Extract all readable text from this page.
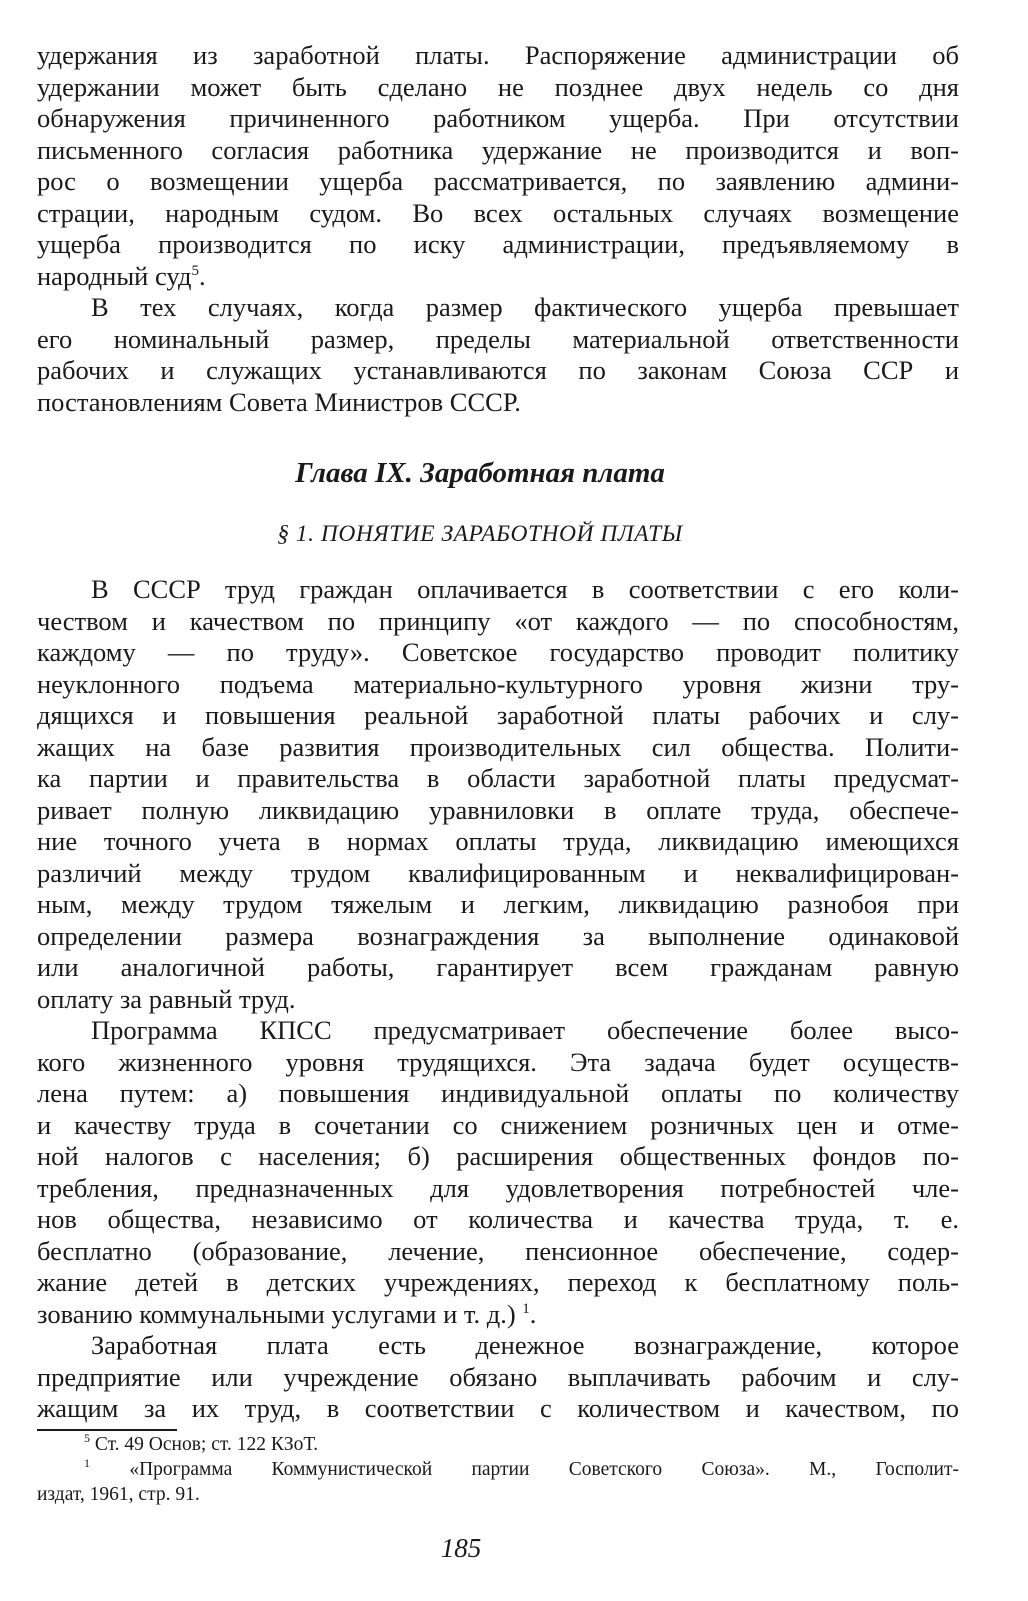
удержания из заработной платы. Распоряжение администрации об
удержании может быть сделано не позднее двух недель со дня
обнаружения причиненного работником ущерба. При отсутствии
письменного согласия работника удержание не производится и воп-
рос о возмещении ущерба рассматривается, по заявлению админи-
страции, народным судом. Во всех остальных случаях возмещение
ущерба производится по иску администрации, предъявляемому в
народный суд$^5$.
В тех случаях, когда размер фактического ущерба превышает
его номинальный размер, пределы материальной ответственности
рабочих и служащих устанавливаются по законам Союза ССР и
постановлениям Совета Министров СССР.
Глава IX. Заработная плата
§ 1. ПОНЯТИЕ ЗАРАБОТНОЙ ПЛАТЫ
В СССР труд граждан оплачивается в соответствии с его коли-
чеством и качеством по принципу «от каждого — по способностям,
каждому — по труду». Советское государство проводит политику
неуклонного подъема материально-культурного уровня жизни тру-
дящихся и повышения реальной заработной платы рабочих и слу-
жащих на базе развития производительных сил общества. Полити-
ка партии и правительства в области заработной платы предусмат-
ривает полную ликвидацию уравниловки в оплате труда, обеспече-
ние точного учета в нормах оплаты труда, ликвидацию имеющихся
различий между трудом квалифицированным и неквалифицирован-
ным, между трудом тяжелым и легким, ликвидацию разнобоя при
определении размера вознаграждения за выполнение одинаковой
или аналогичной работы, гарантирует всем гражданам равную
оплату за равный труд.
Программа КПСС предусматривает обеспечение более высо-
кого жизненного уровня трудящихся. Эта задача будет осуществ-
лена путем: а) повышения индивидуальной оплаты по количеству
и качеству труда в сочетании со снижением розничных цен и отме-
ной налогов с населения; б) расширения общественных фондов по-
требления, предназначенных для удовлетворения потребностей чле-
нов общества, независимо от количества и качества труда, т. е.
бесплатно (образование, лечение, пенсионное обеспечение, содер-
жание детей в детских учреждениях, переход к бесплатному поль-
зованию коммунальными услугами и т. д.) $^1$.
Заработная плата есть денежное вознаграждение, которое
предприятие или учреждение обязано выплачивать рабочим и слу-
жащим за их труд, в соответствии с количеством и качеством, по
$^5$ Ст. 49 Основ; ст. 122 КЗоТ.
$^1$ «Программа Коммунистической партии Советского Союза». М., Госполит-
издат, 1961, стр. 91.
185
